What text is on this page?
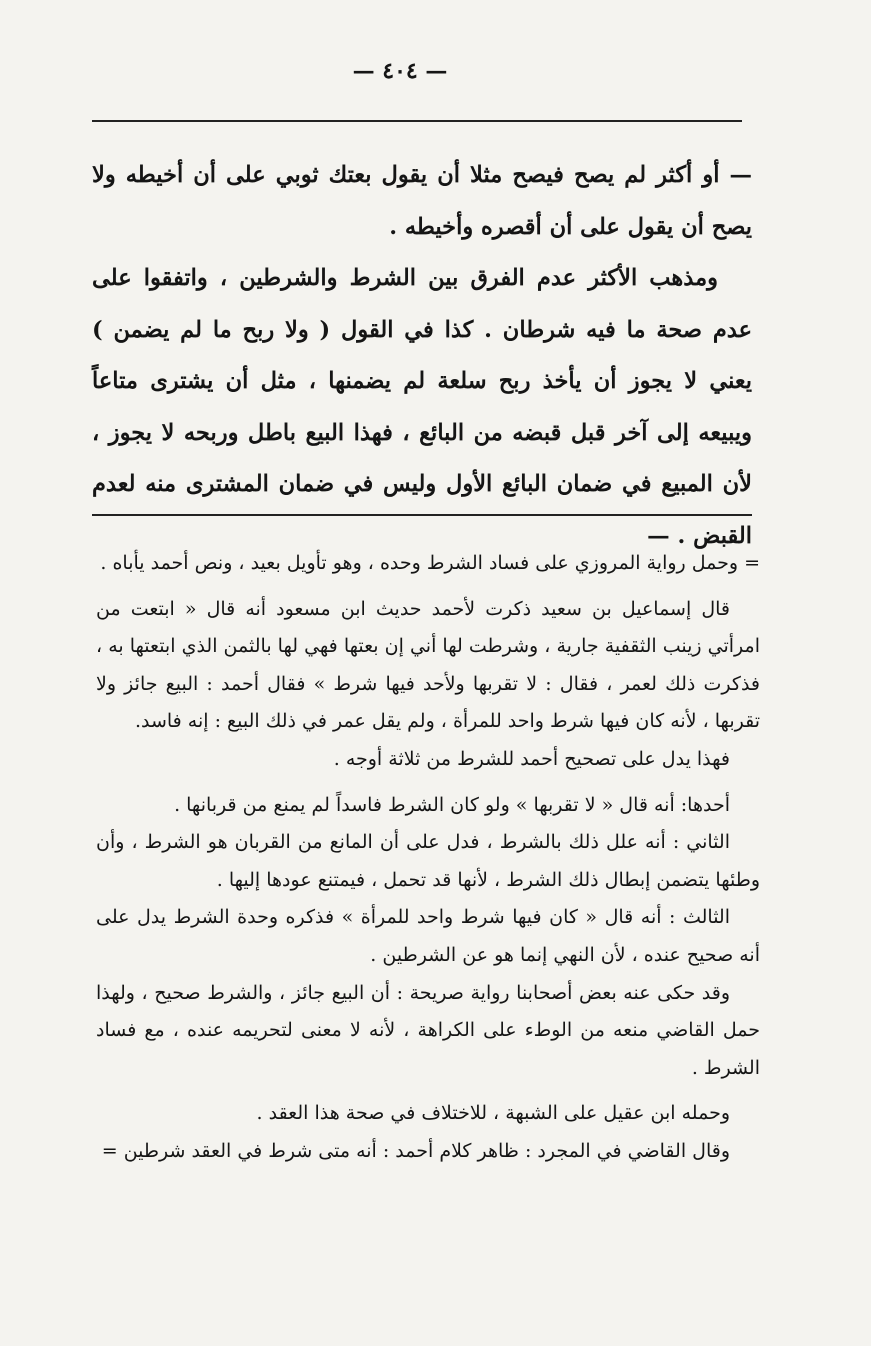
— ٤٠٤ —

— أو أكثر لم يصح فيصح مثلا أن يقول بعتك ثوبي على أن أخيطه ولا يصح أن يقول على أن أقصره وأخيطه .

ومذهب الأكثر عدم الفرق بين الشرط والشرطين ، واتفقوا على عدم صحة ما فيه شرطان . كذا في القول ( ولا ربح ما لم يضمن ) يعني لا يجوز أن يأخذ ربح سلعة لم يضمنها ، مثل أن يشترى متاعاً ويبيعه إلى آخر قبل قبضه من البائع ، فهذا البيع باطل وربحه لا يجوز ، لأن المبيع في ضمان البائع الأول وليس في ضمان المشترى منه لعدم القبض . —

= وحمل رواية المروزي على فساد الشرط وحده ، وهو تأويل بعيد ، ونص أحمد يأباه .

قال إسماعيل بن سعيد ذكرت لأحمد حديث ابن مسعود أنه قال « ابتعت من امرأتي زينب الثقفية جارية ، وشرطت لها أني إن بعتها فهي لها بالثمن الذي ابتعتها به ، فذكرت ذلك لعمر ، فقال : لا تقربها ولأحد فيها شرط » فقال أحمد : البيع جائز ولا تقربها ، لأنه كان فيها شرط واحد للمرأة ، ولم يقل عمر في ذلك البيع : إنه فاسد.

فهذا يدل على تصحيح أحمد للشرط من ثلاثة أوجه .

أحدها: أنه قال « لا تقربها » ولو كان الشرط فاسداً لم يمنع من قربانها .

الثاني : أنه علل ذلك بالشرط ، فدل على أن المانع من القربان هو الشرط ، وأن وطئها يتضمن إبطال ذلك الشرط ، لأنها قد تحمل ، فيمتنع عودها إليها .

الثالث : أنه قال « كان فيها شرط واحد للمرأة » فذكره وحدة الشرط يدل على أنه صحيح عنده ، لأن النهي إنما هو عن الشرطين .

وقد حكى عنه بعض أصحابنا رواية صريحة : أن البيع جائز ، والشرط صحيح ، ولهذا حمل القاضي منعه من الوطء على الكراهة ، لأنه لا معنى لتحريمه عنده ، مع فساد الشرط .

وحمله ابن عقيل على الشبهة ، للاختلاف في صحة هذا العقد .

وقال القاضي في المجرد : ظاهر كلام أحمد : أنه متى شرط في العقد شرطين =
